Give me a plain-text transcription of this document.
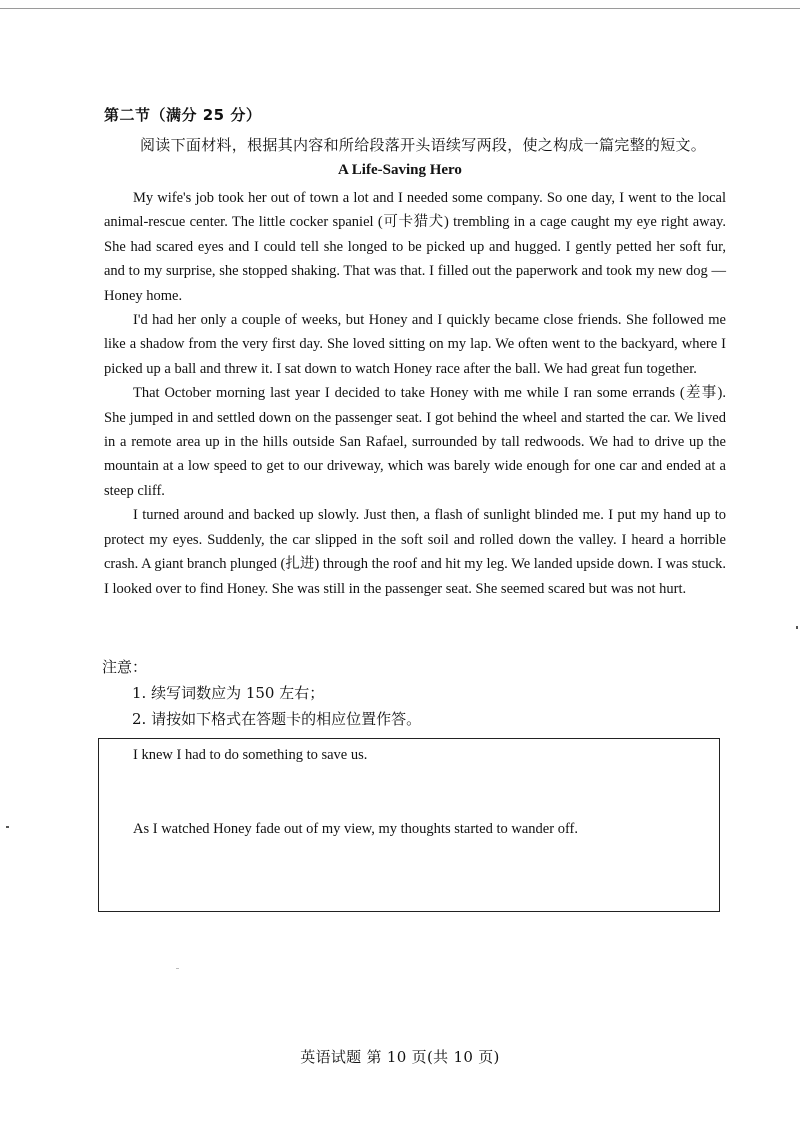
第二节（满分 25 分）
阅读下面材料，根据其内容和所给段落开头语续写两段，使之构成一篇完整的短文。
A Life-Saving Hero

My wife's job took her out of town a lot and I needed some company. So one day, I went to the local animal-rescue center. The little cocker spaniel (可卡猎犬) trembling in a cage caught my eye right away. She had scared eyes and I could tell she longed to be picked up and hugged. I gently petted her soft fur, and to my surprise, she stopped shaking. That was that. I filled out the paperwork and took my new dog — Honey home.

I'd had her only a couple of weeks, but Honey and I quickly became close friends. She followed me like a shadow from the very first day. She loved sitting on my lap. We often went to the backyard, where I picked up a ball and threw it. I sat down to watch Honey race after the ball. We had great fun together.

That October morning last year I decided to take Honey with me while I ran some errands (差事). She jumped in and settled down on the passenger seat. I got behind the wheel and started the car. We lived in a remote area up in the hills outside San Rafael, surrounded by tall redwoods. We had to drive up the mountain at a low speed to get to our driveway, which was barely wide enough for one car and ended at a steep cliff.

I turned around and backed up slowly. Just then, a flash of sunlight blinded me. I put my hand up to protect my eyes. Suddenly, the car slipped in the soft soil and rolled down the valley. I heard a horrible crash. A giant branch plunged (扎进) through the roof and hit my leg. We landed upside down. I was stuck. I looked over to find Honey. She was still in the passenger seat. She seemed scared but was not hurt.

注意：
1. 续写词数应为 150 左右；
2. 请按如下格式在答题卡的相应位置作答。
I knew I had to do something to save us.
As I watched Honey fade out of my view, my thoughts started to wander off.
英语试题 第 10 页(共 10 页)
